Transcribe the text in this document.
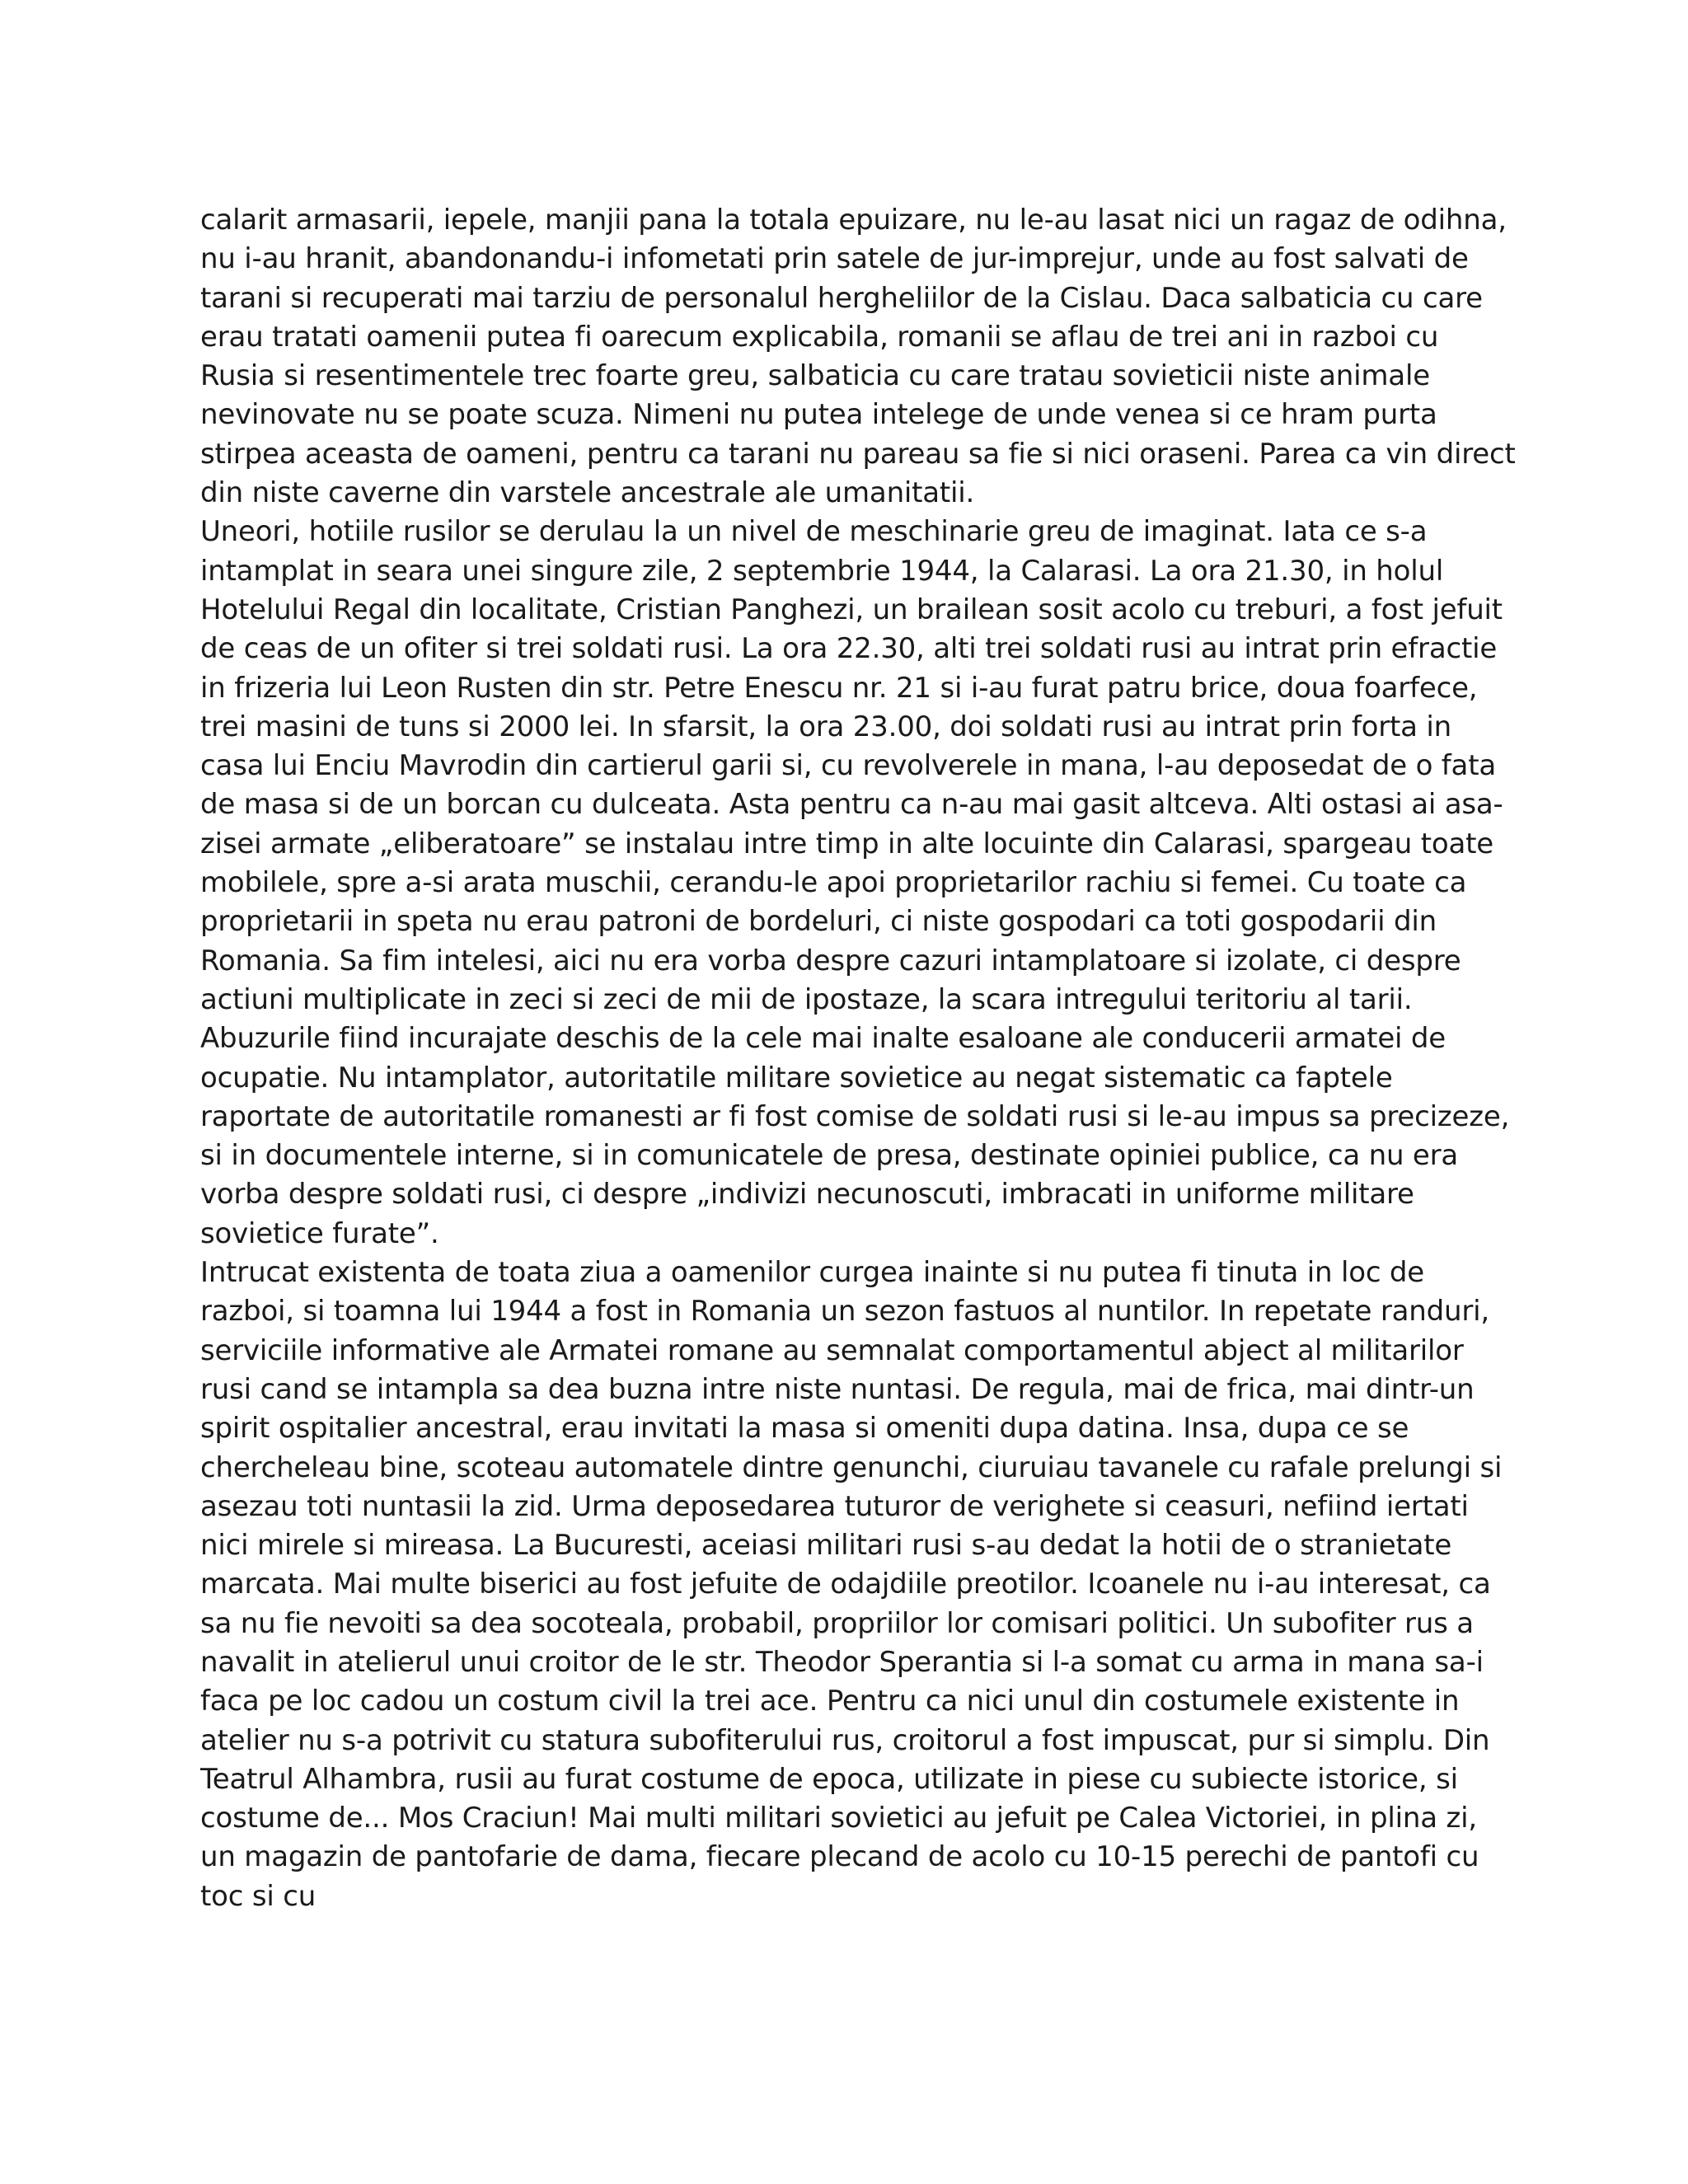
calarit armasarii, iepele, manjii pana la totala epuizare, nu le-au lasat nici un ragaz de odihna, nu i-au hranit, abandonandu-i infometati prin satele de jur-imprejur, unde au fost salvati de tarani si recuperati mai tarziu de personalul hergheliilor de la Cislau. Daca salbaticia cu care erau tratati oamenii putea fi oarecum explicabila, romanii se aflau de trei ani in razboi cu Rusia si resentimentele trec foarte greu, salbaticia cu care tratau sovieticii niste animale nevinovate nu se poate scuza. Nimeni nu putea intelege de unde venea si ce hram purta stirpea aceasta de oameni, pentru ca tarani nu pareau sa fie si nici oraseni. Parea ca vin direct din niste caverne din varstele ancestrale ale umanitatii.

Uneori, hotiile rusilor se derulau la un nivel de meschinarie greu de imaginat. Iata ce s-a intamplat in seara unei singure zile, 2 septembrie 1944, la Calarasi. La ora 21.30, in holul Hotelului Regal din localitate, Cristian Panghezi, un brailean sosit acolo cu treburi, a fost jefuit de ceas de un ofiter si trei soldati rusi. La ora 22.30, alti trei soldati rusi au intrat prin efractie in frizeria lui Leon Rusten din str. Petre Enescu nr. 21 si i-au furat patru brice, doua foarfece, trei masini de tuns si 2000 lei. In sfarsit, la ora 23.00, doi soldati rusi au intrat prin forta in casa lui Enciu Mavrodin din cartierul garii si, cu revolverele in mana, l-au deposedat de o fata de masa si de un borcan cu dulceata. Asta pentru ca n-au mai gasit altceva. Alti ostasi ai asa-zisei armate „eliberatoare” se instalau intre timp in alte locuinte din Calarasi, spargeau toate mobilele, spre a-si arata muschii, cerandu-le apoi proprietarilor rachiu si femei. Cu toate ca proprietarii in speta nu erau patroni de bordeluri, ci niste gospodari ca toti gospodarii din Romania. Sa fim intelesi, aici nu era vorba despre cazuri intamplatoare si izolate, ci despre actiuni multiplicate in zeci si zeci de mii de ipostaze, la scara intregului teritoriu al tarii. Abuzurile fiind incurajate deschis de la cele mai inalte esaloane ale conducerii armatei de ocupatie. Nu intamplator, autoritatile militare sovietice au negat sistematic ca faptele raportate de autoritatile romanesti ar fi fost comise de soldati rusi si le-au impus sa precizeze, si in documentele interne, si in comunicatele de presa, destinate opiniei publice, ca nu era vorba despre soldati rusi, ci despre „indivizi necunoscuti, imbracati in uniforme militare sovietice furate”.

Intrucat existenta de toata ziua a oamenilor curgea inainte si nu putea fi tinuta in loc de razboi, si toamna lui 1944 a fost in Romania un sezon fastuos al nuntilor. In repetate randuri, serviciile informative ale Armatei romane au semnalat comportamentul abject al militarilor rusi cand se intampla sa dea buzna intre niste nuntasi. De regula, mai de frica, mai dintr-un spirit ospitalier ancestral, erau invitati la masa si omeniti dupa datina. Insa, dupa ce se chercheleau bine, scoteau automatele dintre genunchi, ciuruiau tavanele cu rafale prelungi si asezau toti nuntasii la zid. Urma deposedarea tuturor de verighete si ceasuri, nefiind iertati nici mirele si mireasa. La Bucuresti, aceiasi militari rusi s-au dedat la hotii de o stranietate marcata. Mai multe biserici au fost jefuite de odajdiile preotilor. Icoanele nu i-au interesat, ca sa nu fie nevoiti sa dea socoteala, probabil, propriilor lor comisari politici. Un subofiter rus a navalit in atelierul unui croitor de le str. Theodor Sperantia si l-a somat cu arma in mana sa-i faca pe loc cadou un costum civil la trei ace. Pentru ca nici unul din costumele existente in atelier nu s-a potrivit cu statura subofiterului rus, croitorul a fost impuscat, pur si simplu. Din Teatrul Alhambra, rusii au furat costume de epoca, utilizate in piese cu subiecte istorice, si costume de... Mos Craciun! Mai multi militari sovietici au jefuit pe Calea Victoriei, in plina zi, un magazin de pantofarie de dama, fiecare plecand de acolo cu 10-15 perechi de pantofi cu toc si cu
